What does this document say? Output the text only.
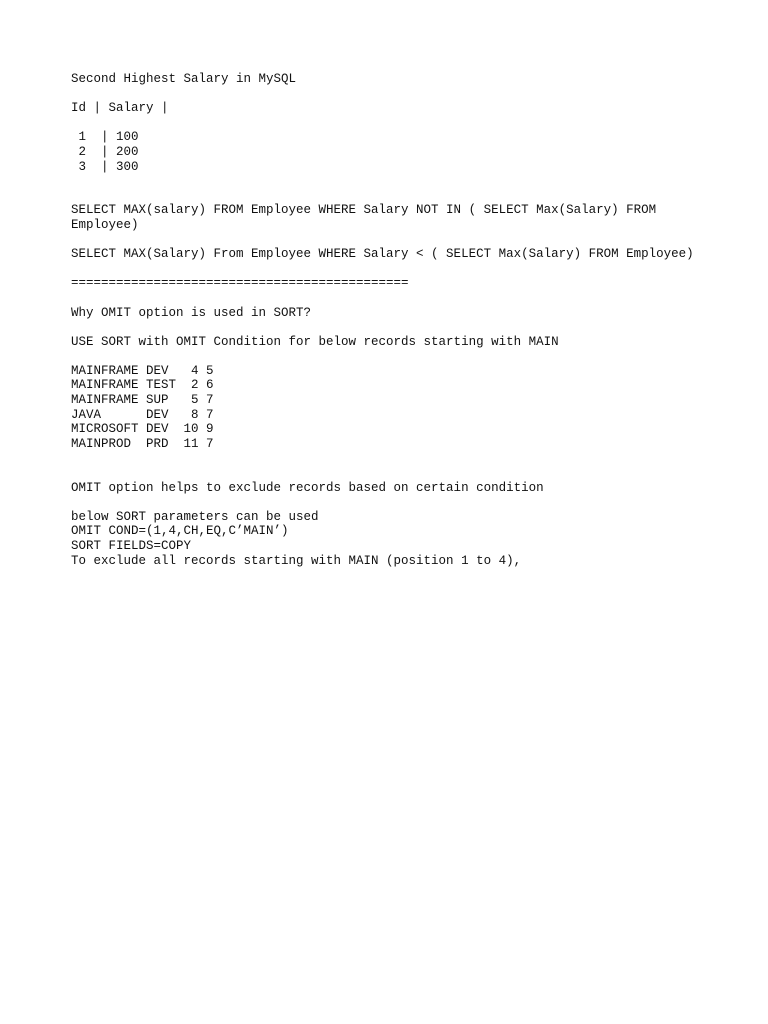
Second Highest Salary in MySQL
Id | Salary |
1  | 100
2  | 200
3  | 300
SELECT MAX(salary) FROM Employee WHERE Salary NOT IN ( SELECT Max(Salary) FROM Employee)
SELECT MAX(Salary) From Employee WHERE Salary < ( SELECT Max(Salary) FROM Employee)
=============================================
Why OMIT option is used in SORT?
USE SORT with OMIT Condition for below records starting with MAIN
MAINFRAME DEV   4 5
MAINFRAME TEST  2 6
MAINFRAME SUP   5 7
JAVA      DEV   8 7
MICROSOFT DEV  10 9
MAINPROD  PRD  11 7
OMIT option helps to exclude records based on certain condition
below SORT parameters can be used
OMIT COND=(1,4,CH,EQ,C’MAIN’)
SORT FIELDS=COPY
To exclude all records starting with MAIN (position 1 to 4),
